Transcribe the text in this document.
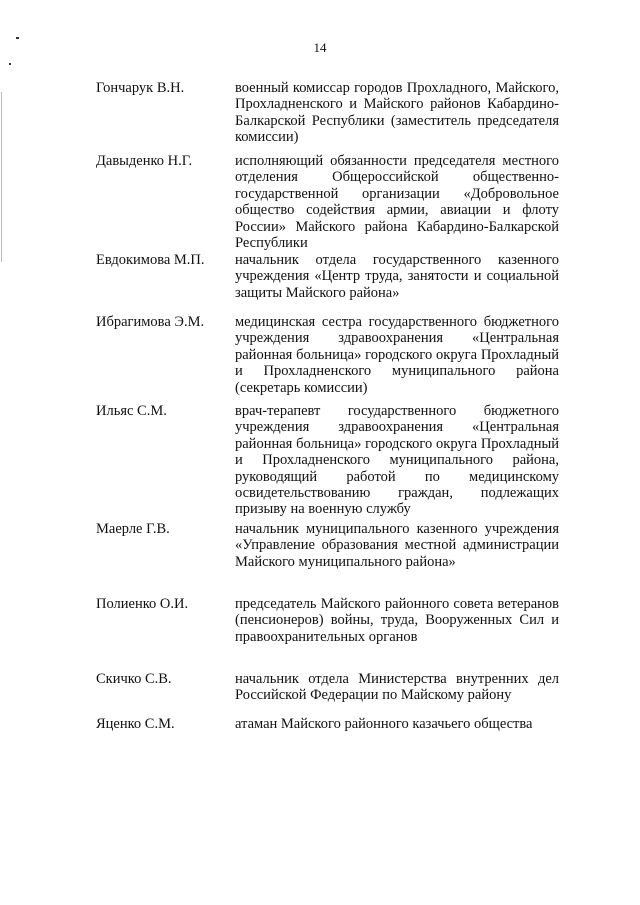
14
Гончарук В.Н.	военный комиссар городов Прохладного, Майского, Прохладненского и Майского районов Кабардино-Балкарской Республики (заместитель председателя комиссии)
Давыденко Н.Г.	исполняющий обязанности председателя местного отделения Общероссийской общественно-государственной организации «Добровольное общество содействия армии, авиации и флоту России» Майского района Кабардино-Балкарской Республики
Евдокимова М.П. начальник отдела государственного казенного учреждения «Центр труда, занятости и социальной защиты Майского района»
Ибрагимова Э.М. медицинская сестра государственного бюджетного учреждения здравоохранения «Центральная районная больница» городского округа Прохладный и Прохладненского муниципального района (секретарь комиссии)
Ильяс С.М.	врач-терапевт государственного бюджетного учреждения здравоохранения «Центральная районная больница» городского округа Прохладный и Прохладненского муниципального района, руководящий работой по медицинскому освидетельствованию граждан, подлежащих призыву на военную службу
Маерле Г.В.	начальник муниципального казенного учреждения «Управление образования местной администрации Майского муниципального района»
Полиенко О.И.	председатель Майского районного совета ветеранов (пенсионеров) войны, труда, Вооруженных Сил и правоохранительных органов
Скичко С.В.	начальник отдела Министерства внутренних дел Российской Федерации по Майскому району
Яценко С.М.	атаман Майского районного казачьего общества
